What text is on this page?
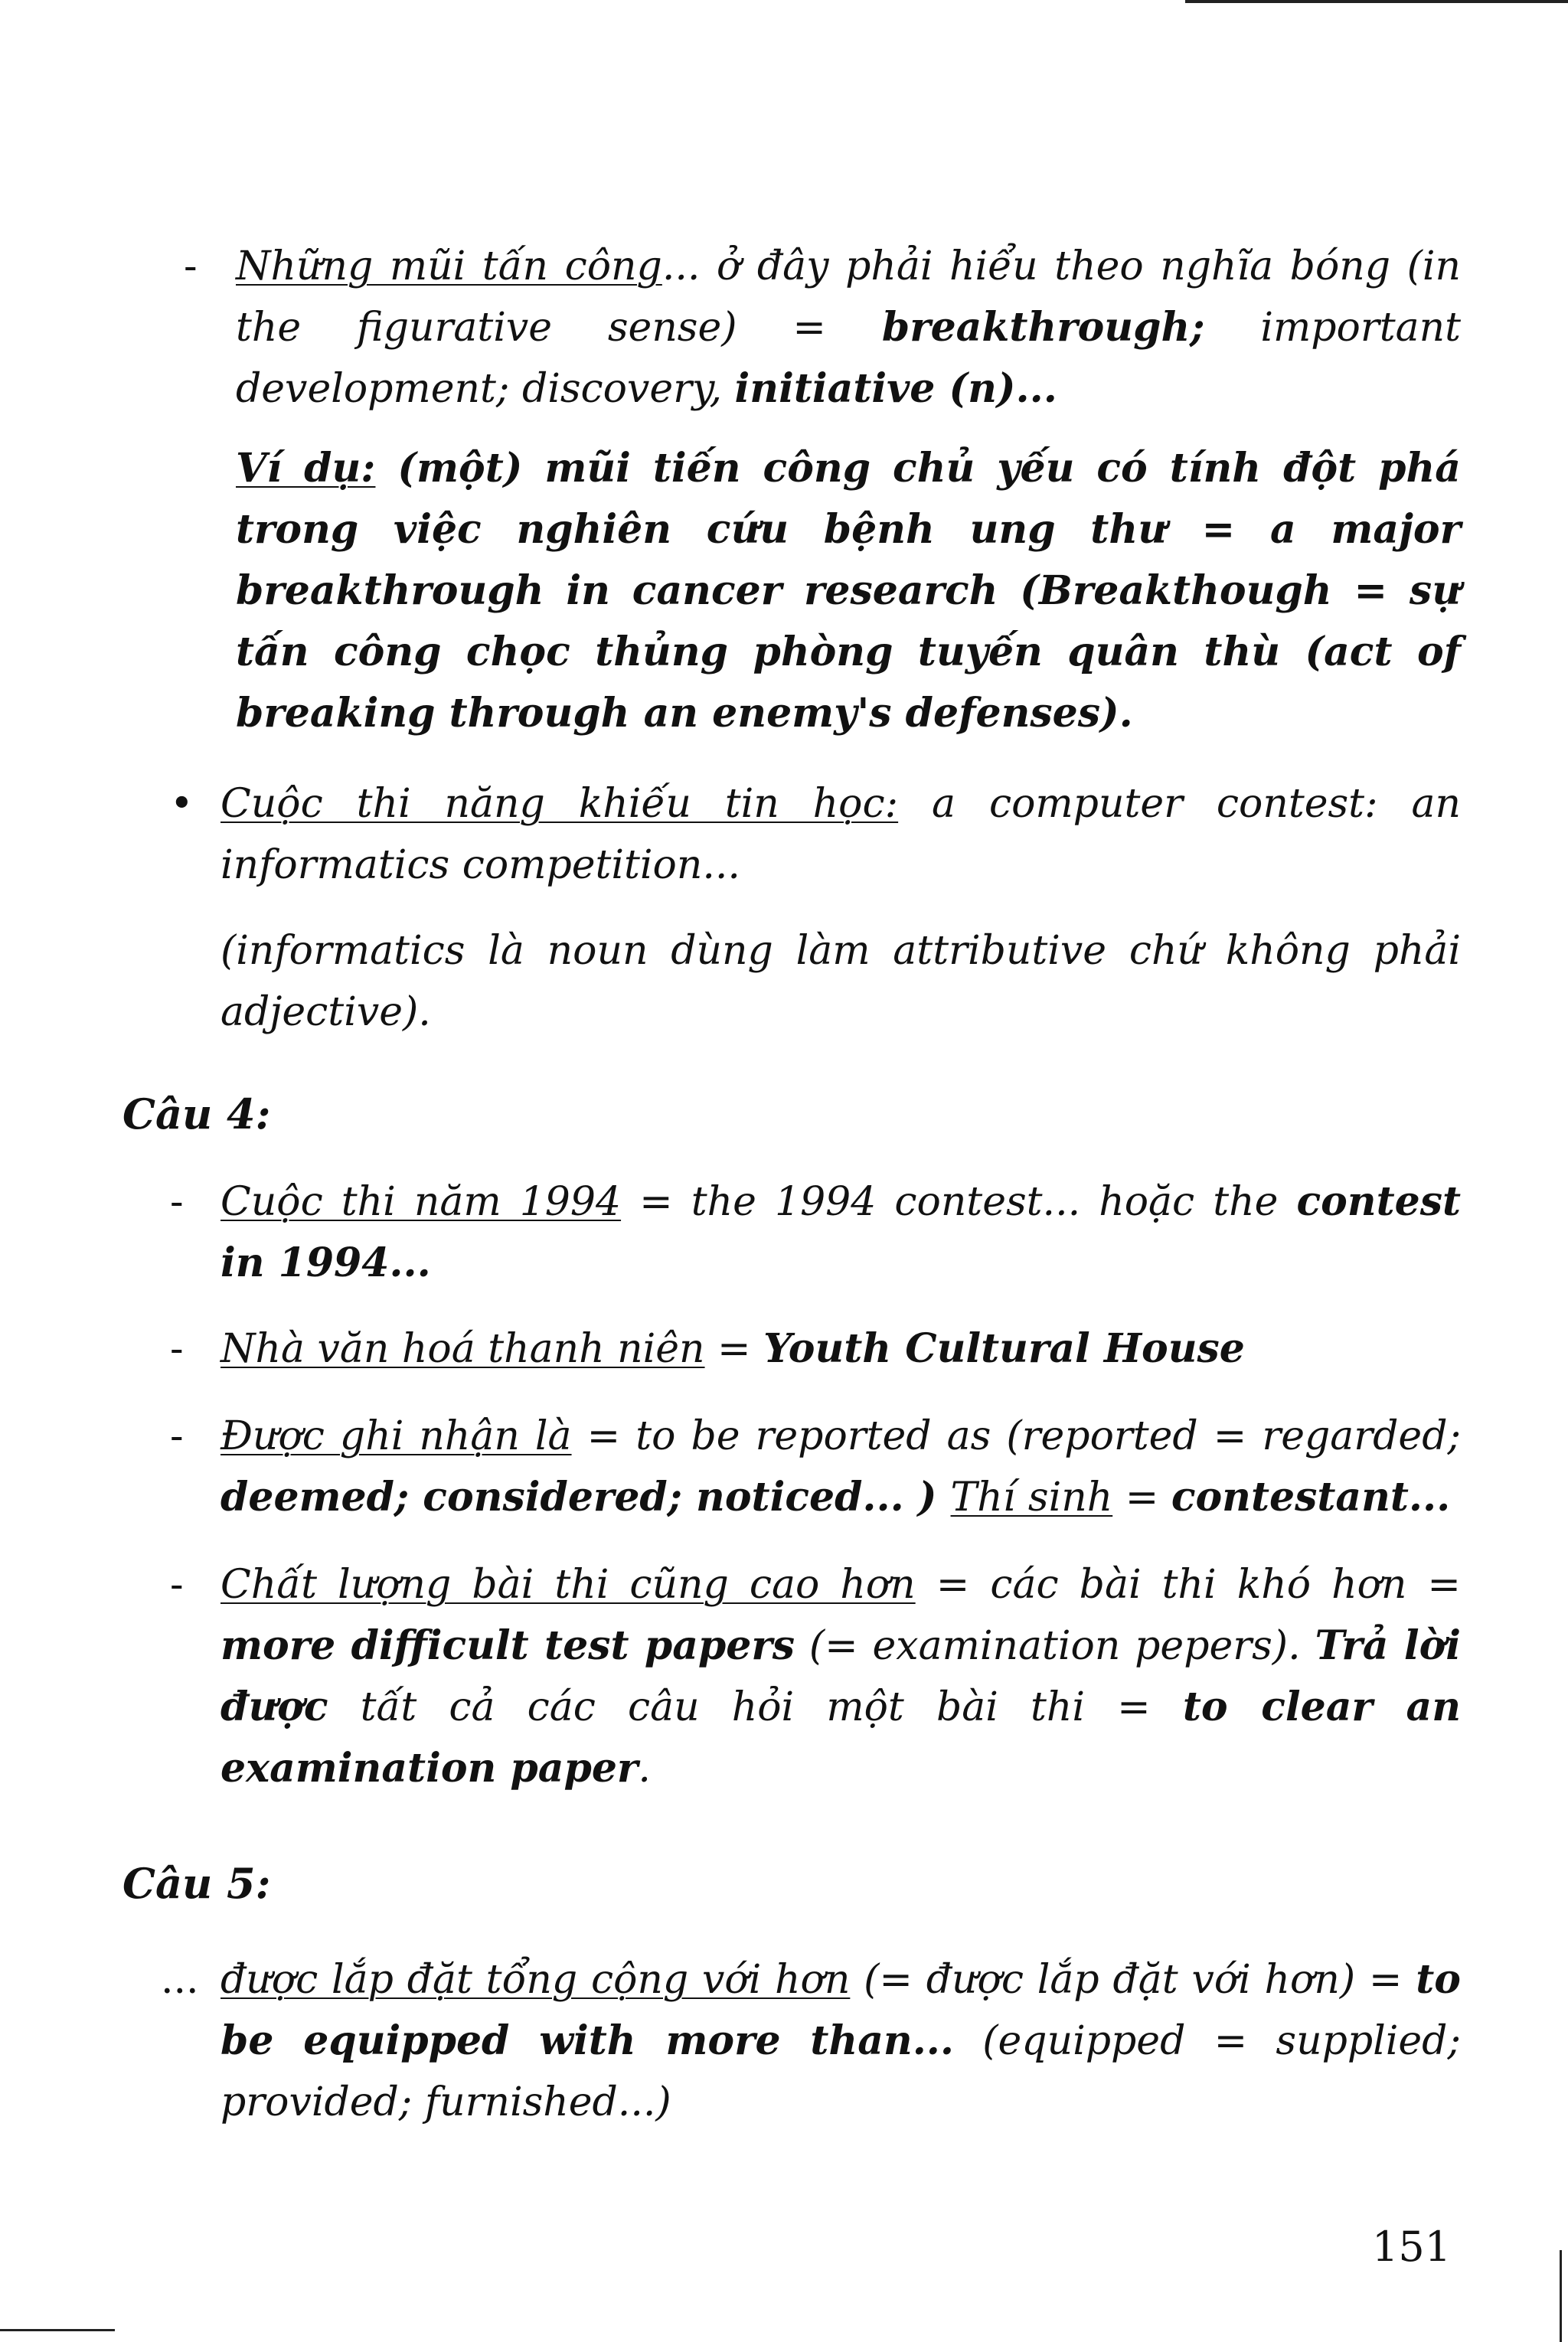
- Những mũi tấn công... ở đây phải hiểu theo nghĩa bóng (in the figurative sense) = breakthrough; important development; discovery, initiative (n)...

Ví dụ: (một) mũi tiến công chủ yếu có tính đột phá trong việc nghiên cứu bệnh ung thư = a major breakthrough in cancer research (Breakthough = sự tấn công chọc thủng phòng tuyến quân thù (act of breaking through an enemy's defenses).

• Cuộc thi năng khiếu tin học: a computer contest: an informatics competition...

(informatics là noun dùng làm attributive chứ không phải adjective).

Câu 4:
- Cuộc thi năm 1994 = the 1994 contest... hoặc the contest in 1994...

- Nhà văn hoá thanh niên = Youth Cultural House

- Được ghi nhận là = to be reported as (reported = regarded; deemed; considered; noticed... ) Thí sinh = contestant...

- Chất lượng bài thi cũng cao hơn = các bài thi khó hơn = more difficult test papers (= examination pepers). Trả lời được tất cả các câu hỏi một bài thi = to clear an examination paper.

Câu 5:
... được lắp đặt tổng cộng với hơn (= được lắp đặt với hơn) = to be equipped with more than... (equipped = supplied; provided; furnished...)

151
